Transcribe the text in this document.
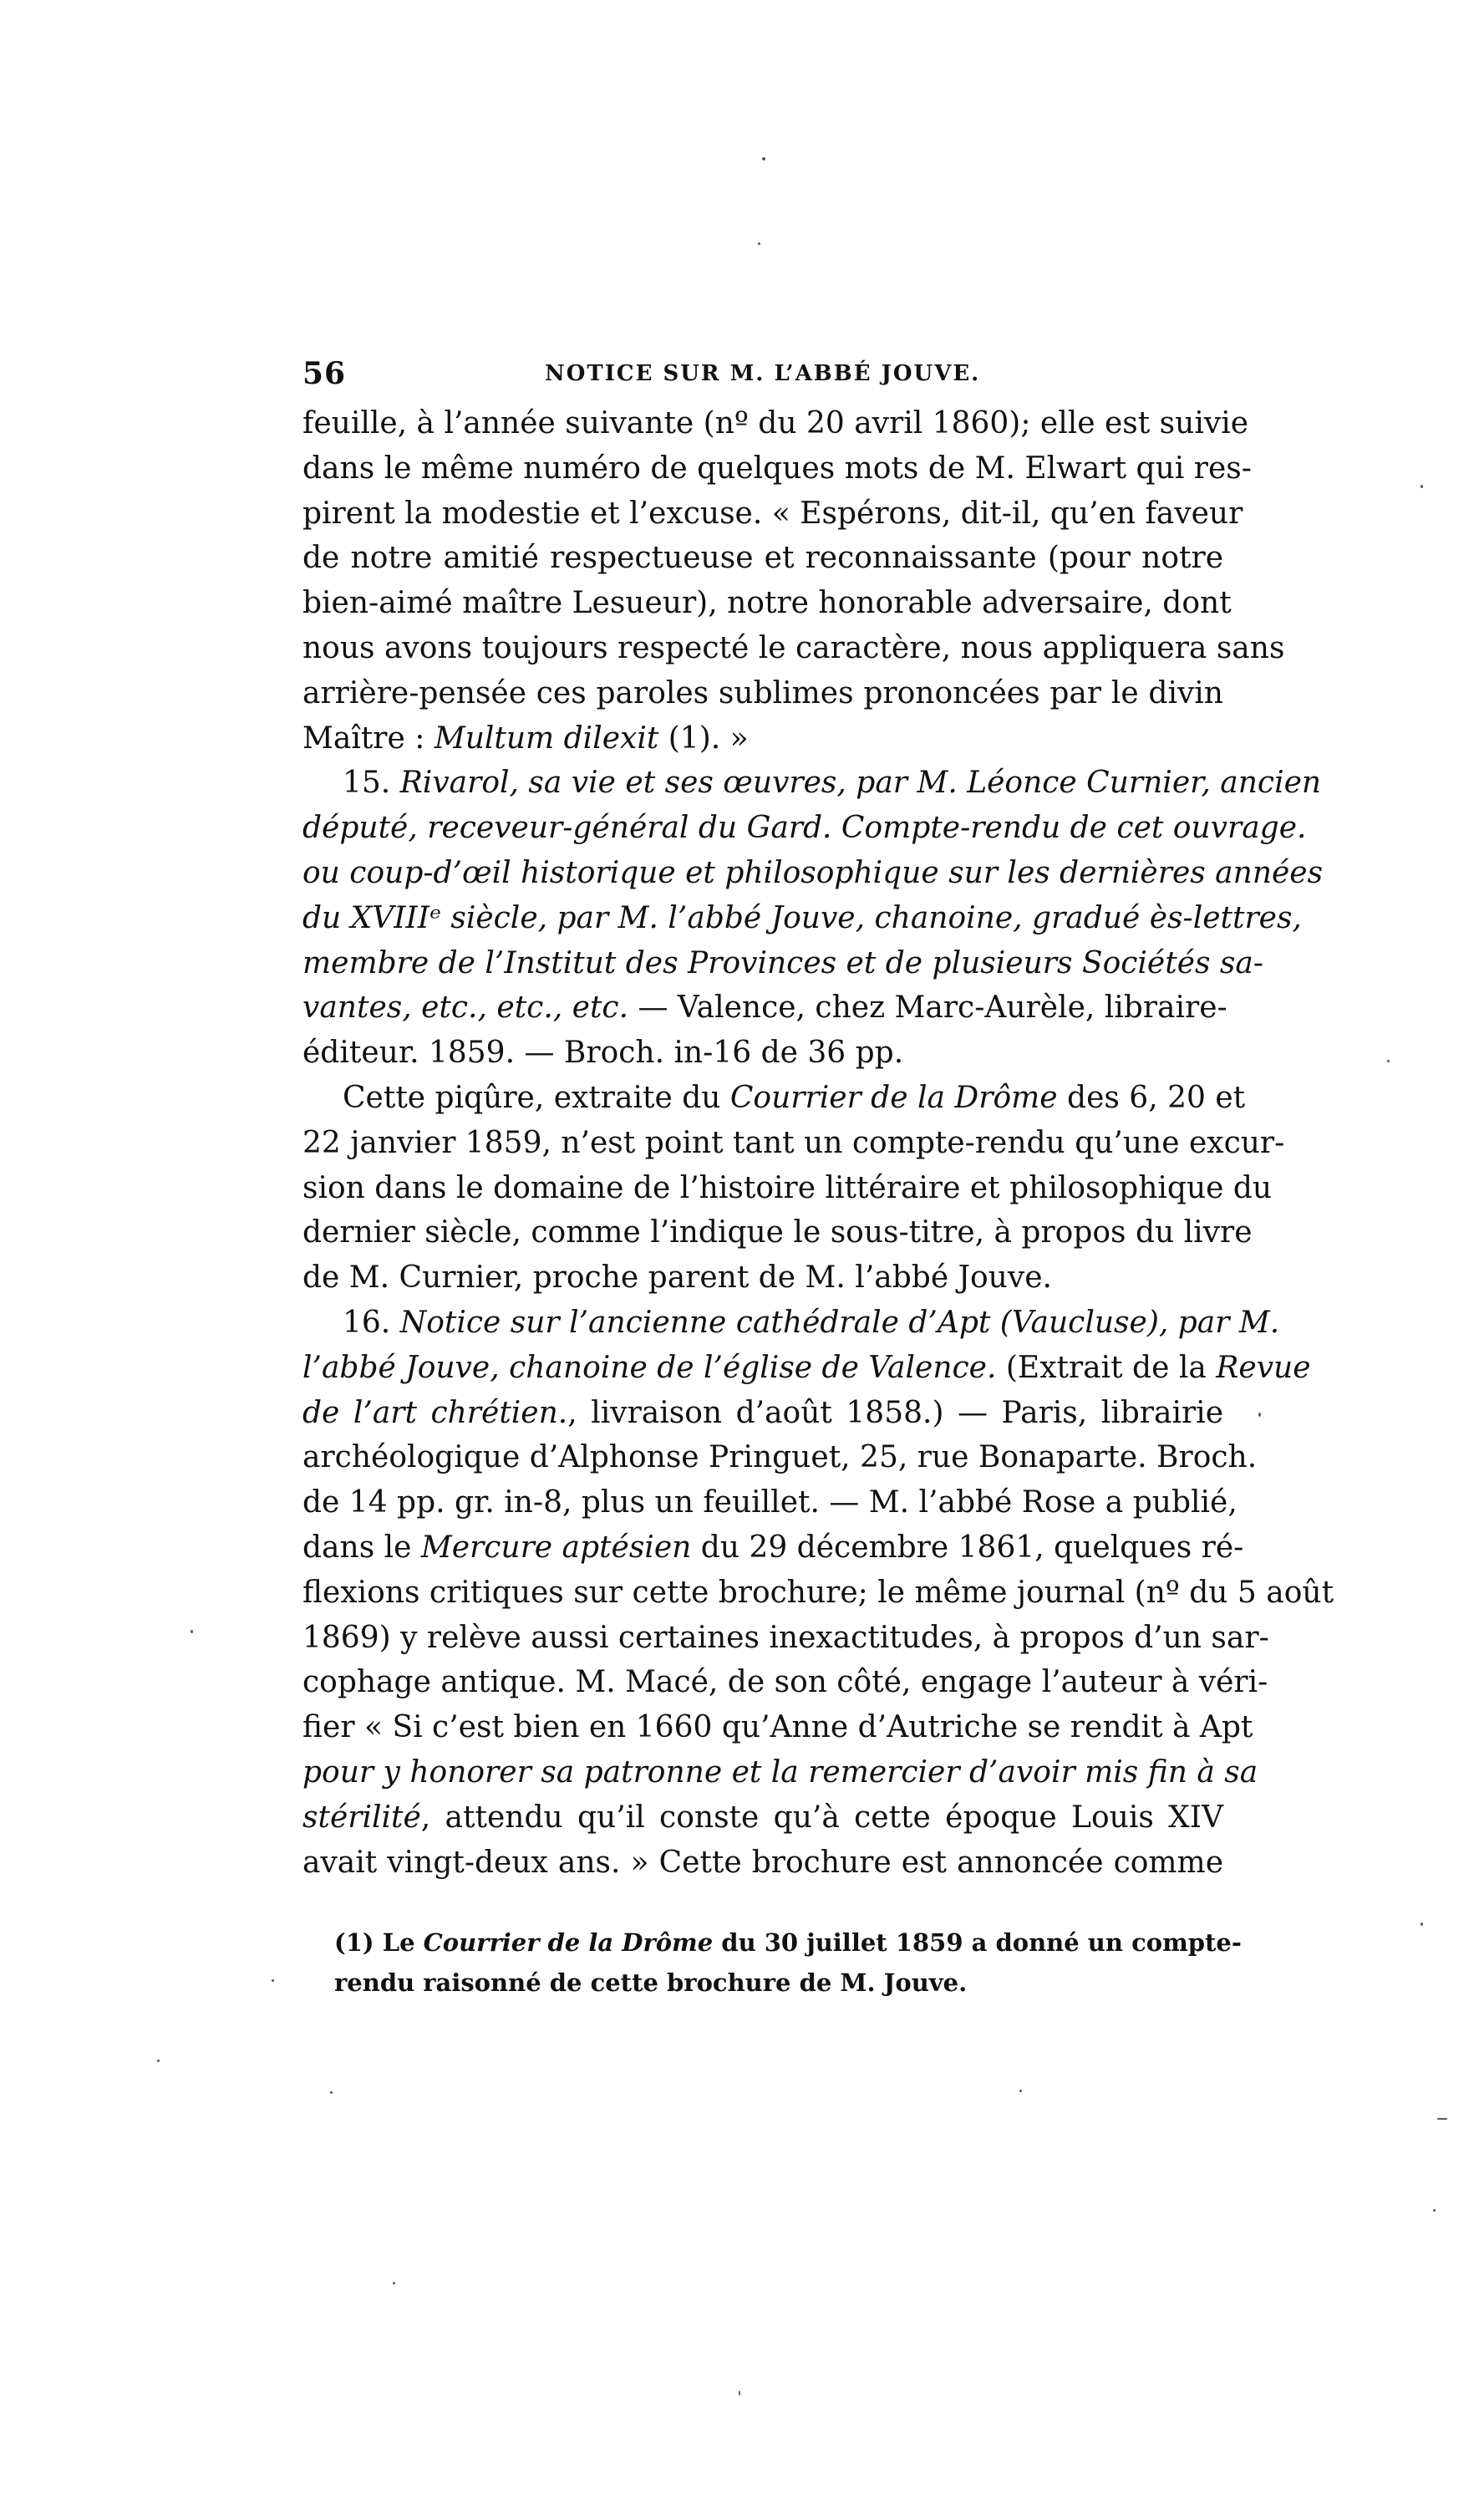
56	NOTICE SUR M. L’ABBÉ JOUVE.
feuille, à l’année suivante (nº du 20 avril 1860); elle est suivie
dans le même numéro de quelques mots de M. Elwart qui res-
pirent la modestie et l’excuse. « Espérons, dit-il, qu’en faveur
de notre amitié respectueuse et reconnaissante (pour notre
bien-aimé maître Lesueur), notre honorable adversaire, dont
nous avons toujours respecté le caractère, nous appliquera sans
arrière-pensée ces paroles sublimes prononcées par le divin
Maître : Multum dilexit (1). »
15. Rivarol, sa vie et ses œuvres, par M. Léonce Curnier, ancien
député, receveur-général du Gard. Compte-rendu de cet ouvrage.
ou coup-d’œil historique et philosophique sur les dernières années
du XVIIIᵉ siècle, par M. l’abbé Jouve, chanoine, gradué ès-lettres,
membre de l’Institut des Provinces et de plusieurs Sociétés sa-
vantes, etc., etc., etc. — Valence, chez Marc-Aurèle, libraire-
éditeur. 1859. — Broch. in-16 de 36 pp.
Cette piqûre, extraite du Courrier de la Drôme des 6, 20 et
22 janvier 1859, n’est point tant un compte-rendu qu’une excur-
sion dans le domaine de l’histoire littéraire et philosophique du
dernier siècle, comme l’indique le sous-titre, à propos du livre
de M. Curnier, proche parent de M. l’abbé Jouve.
16. Notice sur l’ancienne cathédrale d’Apt (Vaucluse), par M.
l’abbé Jouve, chanoine de l’église de Valence. (Extrait de la Revue
de l’art chrétien., livraison d’août 1858.) — Paris, librairie
archéologique d’Alphonse Pringuet, 25, rue Bonaparte. Broch.
de 14 pp. gr. in-8, plus un feuillet. — M. l’abbé Rose a publié,
dans le Mercure aptésien du 29 décembre 1861, quelques ré-
flexions critiques sur cette brochure; le même journal (nº du 5 août
1869) y relève aussi certaines inexactitudes, à propos d’un sar-
cophage antique. M. Macé, de son côté, engage l’auteur à véri-
fier « Si c’est bien en 1660 qu’Anne d’Autriche se rendit à Apt
pour y honorer sa patronne et la remercier d’avoir mis fin à sa
stérilité, attendu qu’il conste qu’à cette époque Louis XIV
avait vingt-deux ans. » Cette brochure est annoncée comme
(1) Le Courrier de la Drôme du 30 juillet 1859 a donné un compte-
rendu raisonné de cette brochure de M. Jouve.
